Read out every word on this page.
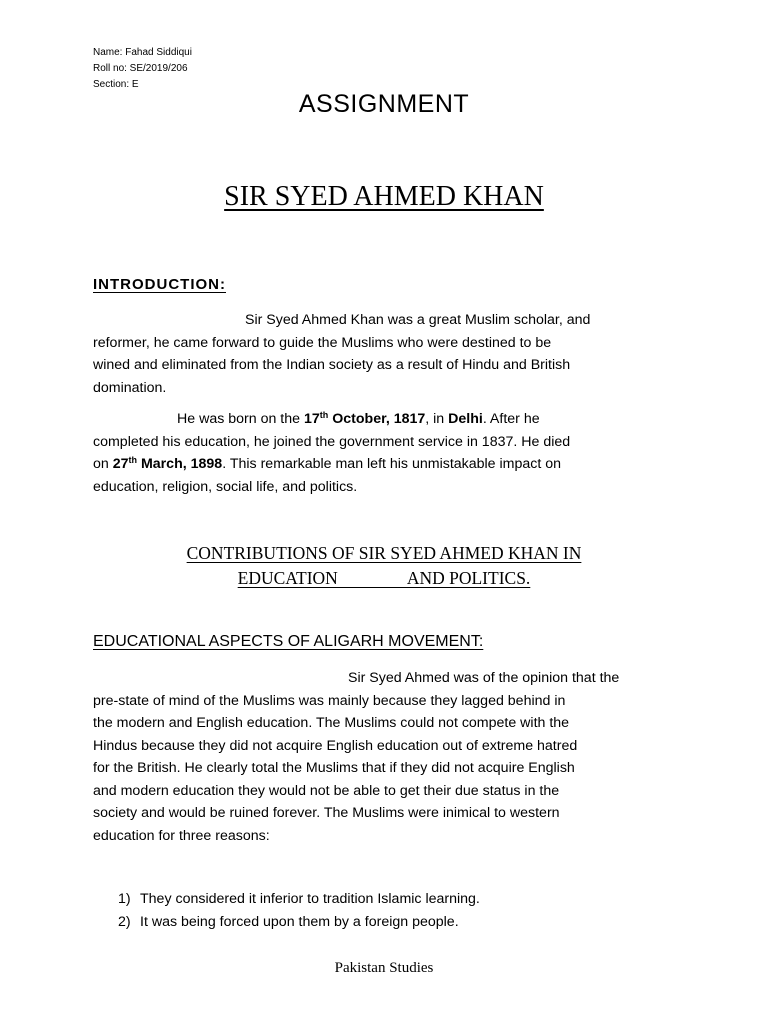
Name: Fahad Siddiqui
Roll no: SE/2019/206
Section: E
ASSIGNMENT
SIR SYED AHMED KHAN
INTRODUCTION:
Sir Syed Ahmed Khan was a great Muslim scholar, and
reformer, he came forward to guide the Muslims who were destined to be
wined and eliminated from the Indian society as a result of Hindu and British
domination.
He was born on the 17th October, 1817, in Delhi. After he
completed his education, he joined the government service in 1837. He died
on 27th March, 1898. This remarkable man left his unmistakable impact on
education, religion, social life, and politics.
CONTRIBUTIONS OF SIR SYED AHMED KHAN IN
EDUCATION                AND POLITICS.
EDUCATIONAL ASPECTS OF ALIGARH MOVEMENT:
Sir Syed Ahmed was of the opinion that the
pre-state of mind of the Muslims was mainly because they lagged behind in
the modern and English education. The Muslims could not compete with the
Hindus because they did not acquire English education out of extreme hatred
for the British. He clearly total the Muslims that if they did not acquire English
and modern education they would not be able to get their due status in the
society and would be ruined forever. The Muslims were inimical to western
education for three reasons:
1) They considered it inferior to tradition Islamic learning.
2) It was being forced upon them by a foreign people.
Pakistan Studies
